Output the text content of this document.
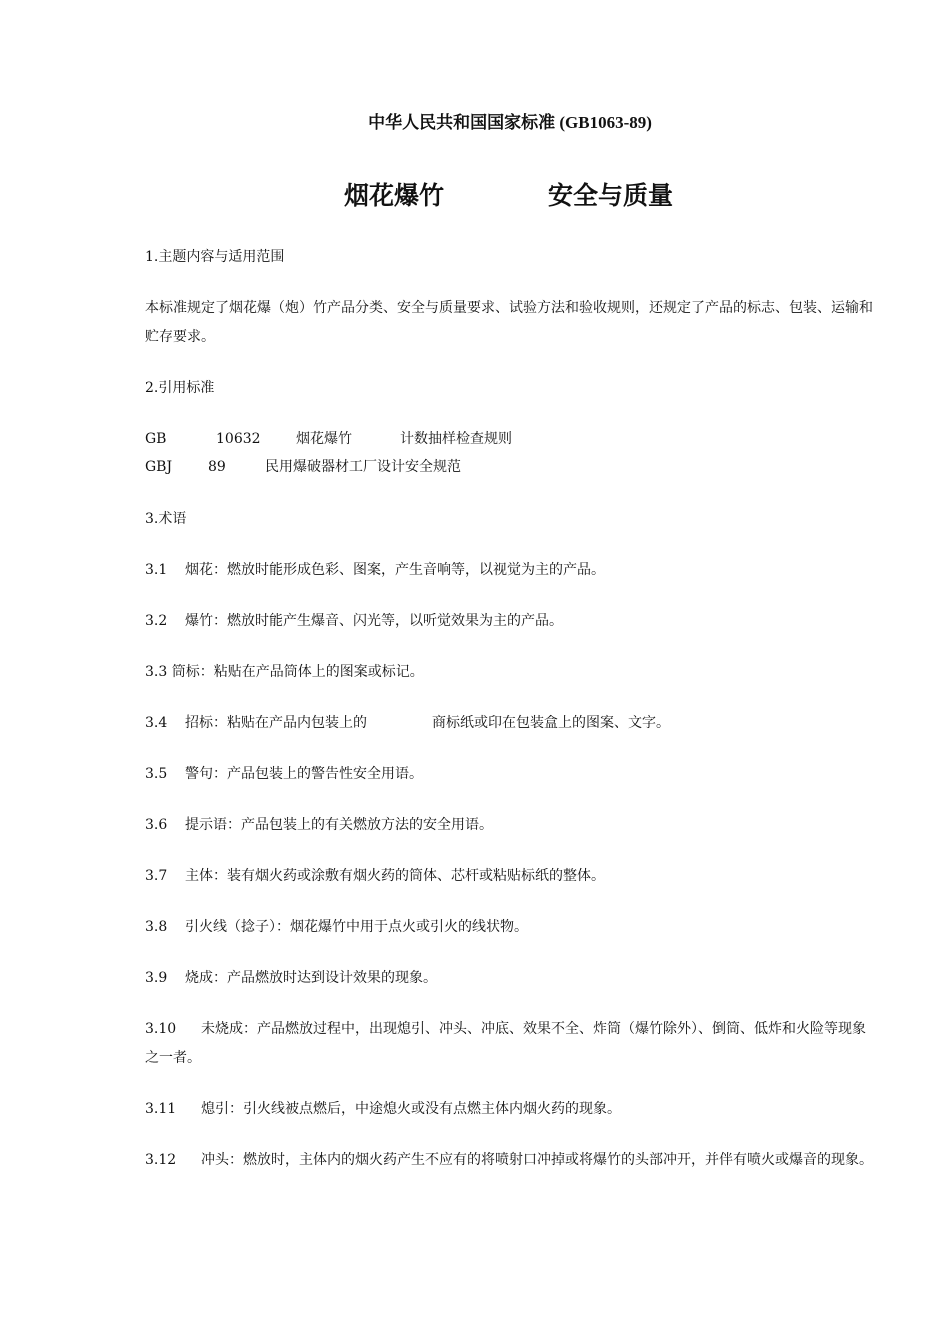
中华人民共和国国家标准 (GB1063-89)
烟花爆竹	安全与质量
1.主题内容与适用范围
本标准规定了烟花爆（炮）竹产品分类、安全与质量要求、试验方法和验收规则，还规定了产品的标志、包装、运输和贮存要求。
2.引用标准
GB	10632	烟花爆竹	计数抽样检查规则
GBJ	89	民用爆破器材工厂设计安全规范
3.术语
3.1 烟花：燃放时能形成色彩、图案，产生音响等，以视觉为主的产品。
3.2 爆竹：燃放时能产生爆音、闪光等，以听觉效果为主的产品。
3.3 筒标：粘贴在产品筒体上的图案或标记。
3.4 招标：粘贴在产品内包装上的	商标纸或印在包装盒上的图案、文字。
3.5 警句：产品包装上的警告性安全用语。
3.6 提示语：产品包装上的有关燃放方法的安全用语。
3.7 主体：装有烟火药或涂敷有烟火药的筒体、芯杆或粘贴标纸的整体。
3.8 引火线（捻子）：烟花爆竹中用于点火或引火的线状物。
3.9 烧成：产品燃放时达到设计效果的现象。
3.10 未烧成：产品燃放过程中，出现熄引、冲头、冲底、效果不全、炸筒（爆竹除外）、倒筒、低炸和火险等现象之一者。
3.11 熄引：引火线被点燃后，中途熄火或没有点燃主体内烟火药的现象。
3.12 冲头：燃放时，主体内的烟火药产生不应有的将喷射口冲掉或将爆竹的头部冲开，并伴有喷火或爆音的现象。
